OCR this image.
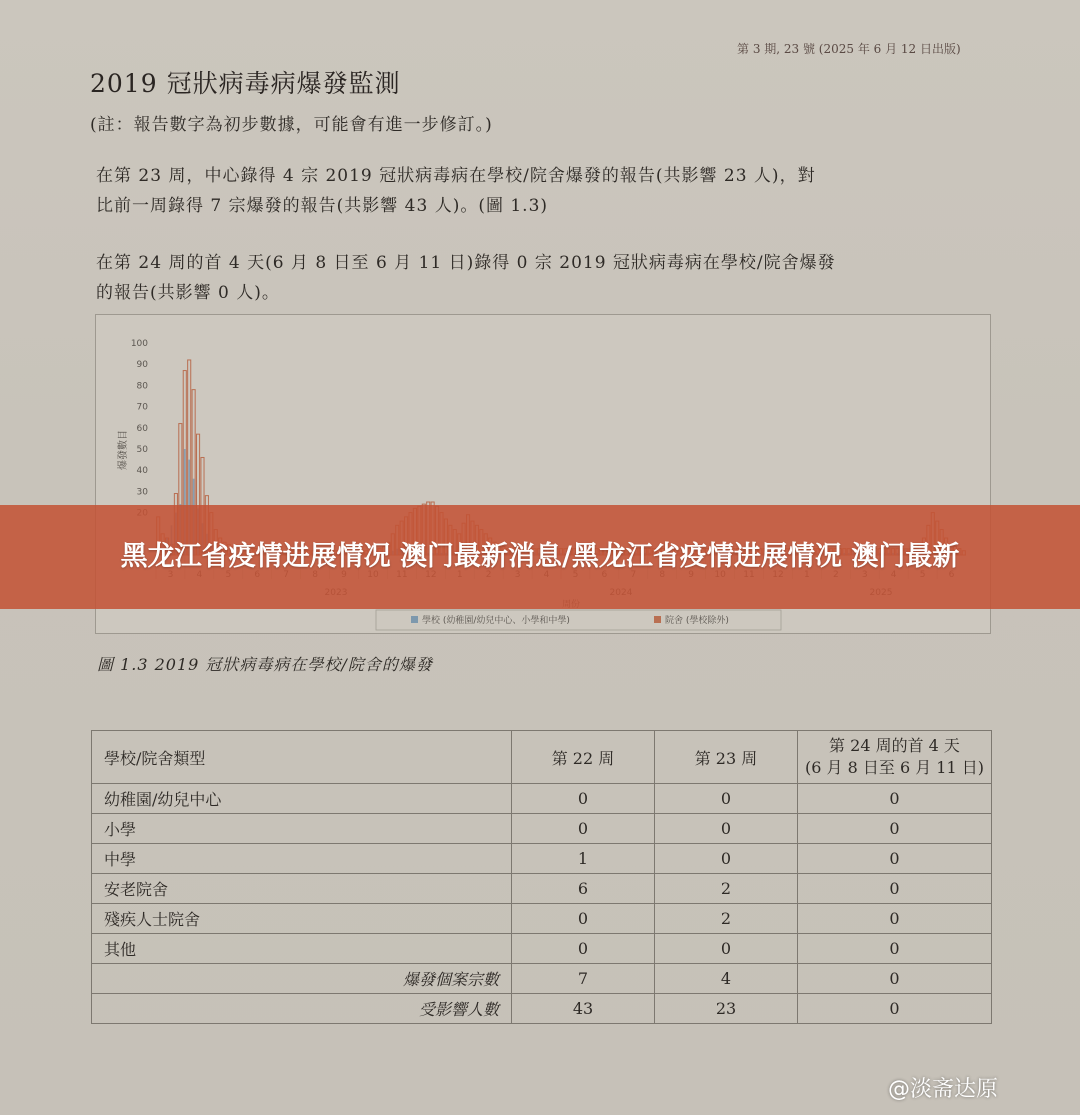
第 3 期, 23 號 (2025 年 6 月 12 日出版)
2019 冠狀病毒病爆發監測
(註：報告數字為初步數據，可能會有進一步修訂。)
在第 23 周，中心錄得 4 宗 2019 冠狀病毒病在學校/院舍爆發的報告(共影響 23 人)，對
比前一周錄得 7 宗爆發的報告(共影響 43 人)。(圖 1.3)
在第 24 周的首 4 天(6 月 8 日至 6 月 11 日)錄得 0 宗 2019 冠狀病毒病在學校/院舍爆發
的報告(共影響 0 人)。
30
40
50
60
70
80
90
100
爆發數目
學校 (幼稚園/幼兒中心、小學和中學)	院舍 (學校除外)
圖 1.3 2019 冠狀病毒病在學校/院舍的爆發
學校/院舍類型	第 22 周	第 23 周	第 24 周的首 4 天
(6 月 8 日至 6 月 11 日)

幼稚園/幼兒中心	0	0	0
小學	0	0	0
中學	1	0	0
安老院舍	6	2	0
殘疾人士院舍	0	2	0
其他	0	0	0
爆發個案宗數	7	4	0
受影響人數	43	23	0
黑龙江省疫情进展情况 澳门最新消息/黑龙江省疫情进展情况 澳门最新
@淡斋达原
